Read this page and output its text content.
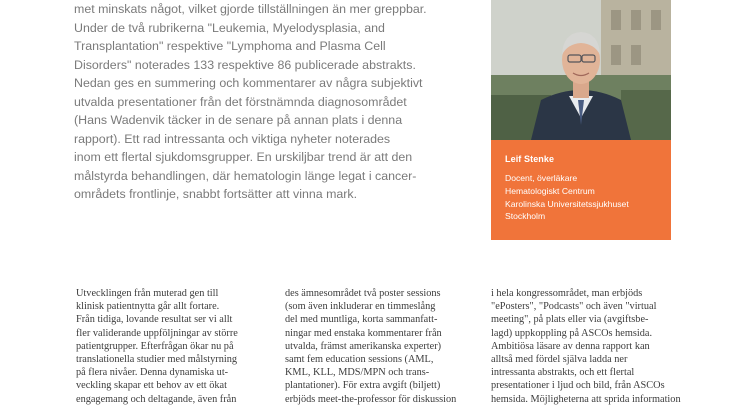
met minskats något, vilket gjorde tillställningen än mer greppbar.
Under de två rubrikerna "Leukemia, Myelodysplasia, and
Transplantation" respektive "Lymphoma and Plasma Cell
Disorders" noterades 133 respektive 86 publicerade abstrakts.
Nedan ges en summering och kommentarer av några subjektivt
utvalda presentationer från det förstnämnda diagnosområdet
(Hans Wadenvik täcker in de senare på annan plats i denna
rapport). Ett rad intressanta och viktiga nyheter noterades
inom ett flertal sjukdomsgrupper. En urskiljbar trend är att den
målstyrda behandlingen, där hematologin länge legat i cancer-
områdets frontlinje, snabbt fortsätter att vinna mark.
Leif Stenke
Docent, överläkare
Hematologiskt Centrum
Karolinska Universitetssjukhuset
Stockholm
Utvecklingen från muterad gen till
klinisk patientnytta går allt fortare.
Från tidiga, lovande resultat ser vi allt
fler validerande uppföljningar av större
patientgrupper. Efterfrågan ökar nu på
translationella studier med målstyrning
på flera nivåer. Denna dynamiska ut-
veckling skapar ett behov av ett ökat
engagemang och deltagande, även från
des ämnesområdet två poster sessions
(som även inkluderar en timmeslång
del med muntliga, korta sammanfatt-
ningar med enstaka kommentarer från
utvalda, främst amerikanska experter)
samt fem education sessions (AML,
KML, KLL, MDS/MPN och trans-
plantationer). För extra avgift (biljett)
erbjöds meet-the-professor för diskussion
i hela kongressområdet, man erbjöds
"ePosters", "Podcasts" och även "virtual
meeting", på plats eller via (avgiftsbe-
lagd) uppkoppling på ASCOs hemsida.
Ambitiösa läsare av denna rapport kan
alltså med fördel själva ladda ner
intressanta abstrakts, och ett flertal
presentationer i ljud och bild, från ASCOs
hemsida. Möjligheterna att sprida information
